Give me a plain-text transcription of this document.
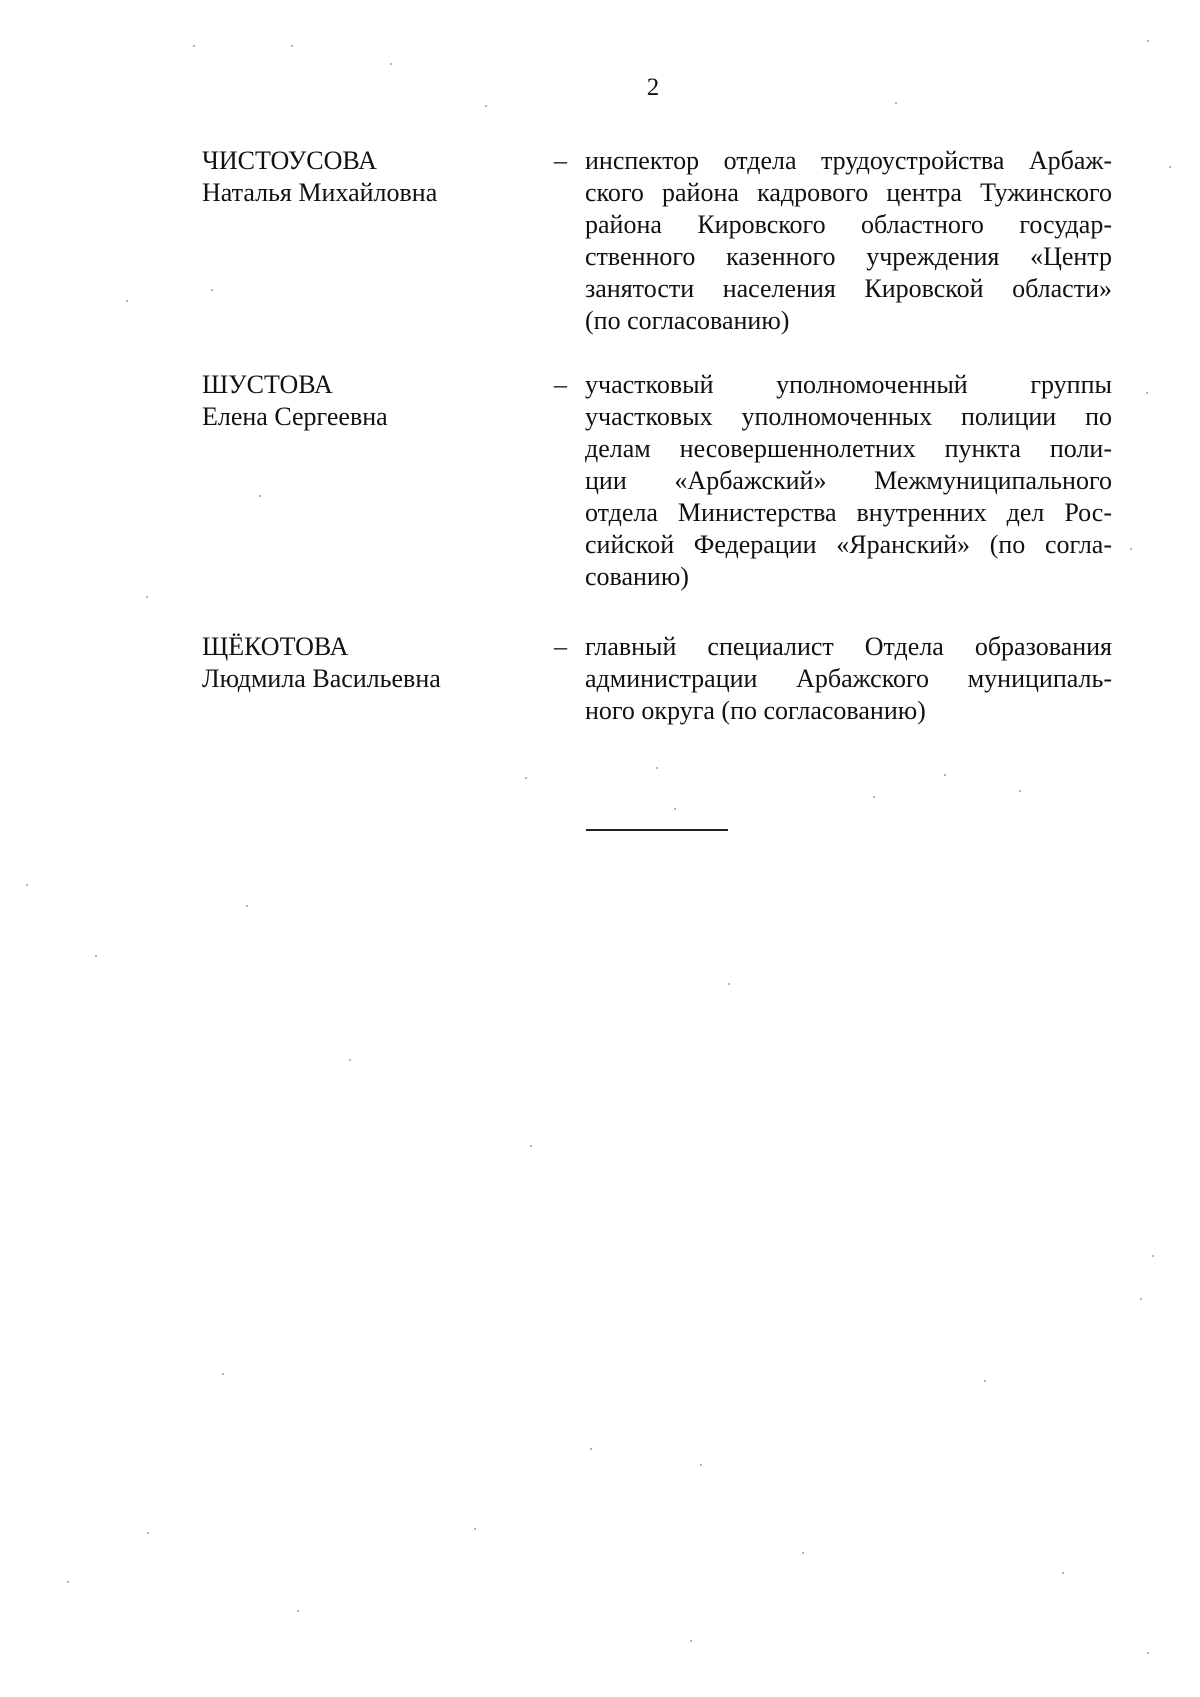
2
ЧИСТОУСОВА
Наталья Михайловна
– инспектор отдела трудоустройства Арбаж-
ского района кадрового центра Тужинского
района Кировского областного государ-
ственного казенного учреждения «Центр
занятости населения Кировской области»
(по согласованию)
ШУСТОВА
Елена Сергеевна
– участковый уполномоченный группы
участковых уполномоченных полиции по
делам несовершеннолетних пункта поли-
ции «Арбажский» Межмуниципального
отдела Министерства внутренних дел Рос-
сийской Федерации «Яранский» (по согла-
сованию)
ЩЁКОТОВА
Людмила Васильевна
– главный специалист Отдела образования
администрации Арбажского муниципаль-
ного округа (по согласованию)
